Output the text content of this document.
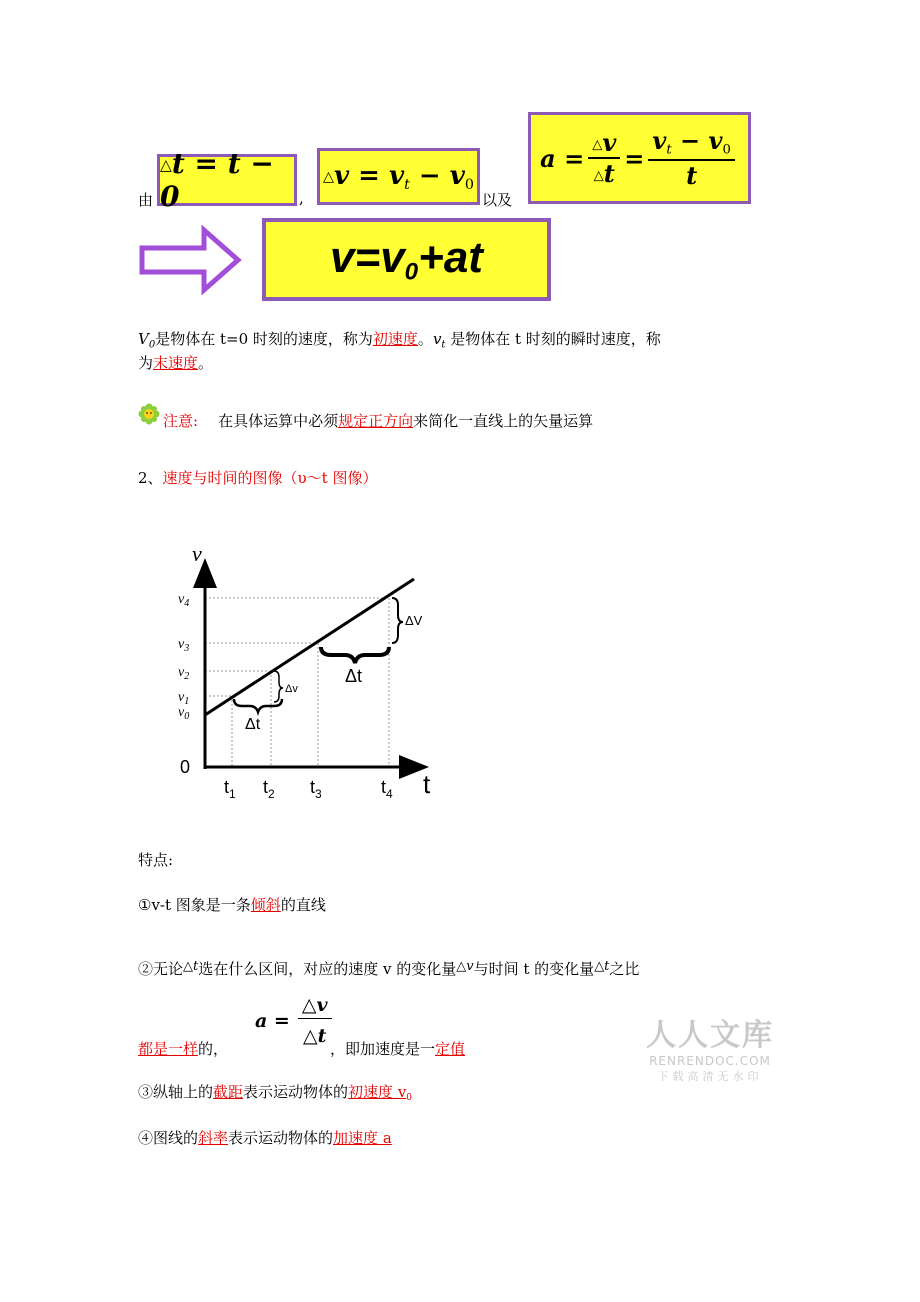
由
△t = t − 0	,
△v = $v_t - v_0$
以及
$a = \frac{\triangle v}{\triangle t} = \frac{v_t - v_0}{t}$
v=v0+at
$V_0$是物体在 t=0 时刻的速度，称为初速度。$v_t$ 是物体在 t 时刻的瞬时速度，称
为末速度。
注意: 在具体运算中必须规定正方向来简化一直线上的矢量运算
2、速度与时间的图像（υ～t 图像）
v
t
0
$v_0$
$v_1$
$v_2$
$v_3$
$v_4$
$t_1$ $t_2$ $t_3$	$t_4$
Δt
Δv
Δt
ΔV
特点:
①v-t 图象是一条倾斜的直线
②无论△t选在什么区间，对应的速度 v 的变化量△v与时间 t 的变化量△t之比
都是一样的，
$a = \frac{\triangle v}{\triangle t}$
，即加速度是一定值
③纵轴上的截距表示运动物体的初速度 $v_0$
④图线的斜率表示运动物体的加速度 a
人人文库
RENRENDOC.COM
下载高清无水印
